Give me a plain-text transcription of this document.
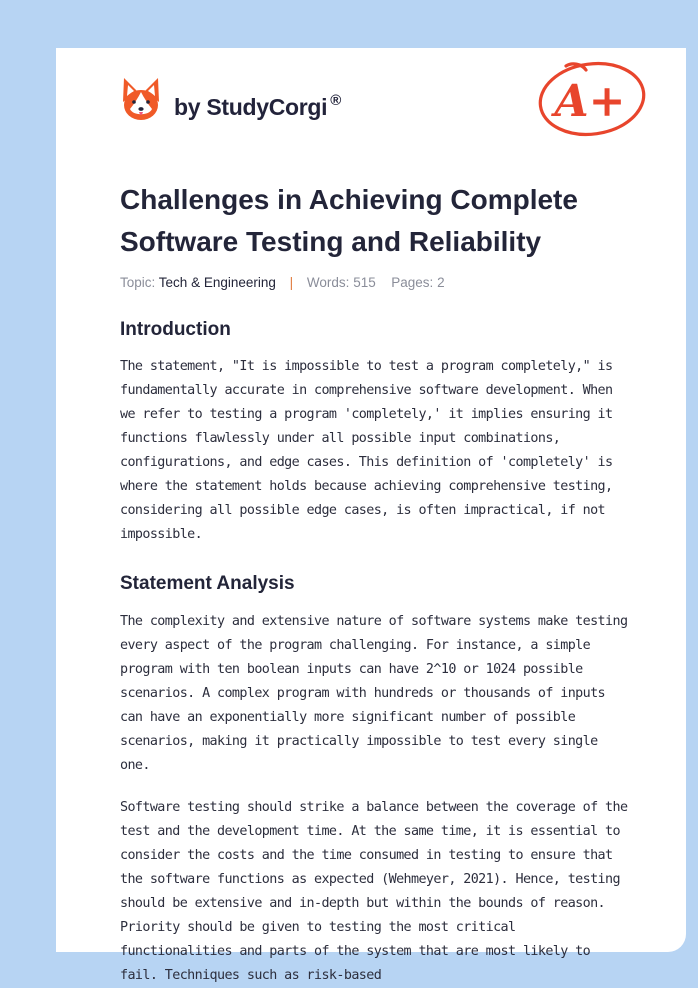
by StudyCorgi ®	A+
Challenges in Achieving Complete Software Testing and Reliability
Topic: Tech & Engineering | Words: 515 Pages: 2
Introduction

The statement, "It is impossible to test a program completely," is fundamentally accurate in comprehensive software development. When we refer to testing a program 'completely,' it implies ensuring it functions flawlessly under all possible input combinations, configurations, and edge cases. This definition of 'completely' is where the statement holds because achieving comprehensive testing, considering all possible edge cases, is often impractical, if not impossible.

Statement Analysis

The complexity and extensive nature of software systems make testing every aspect of the program challenging. For instance, a simple program with ten boolean inputs can have 2^10 or 1024 possible scenarios. A complex program with hundreds or thousands of inputs can have an exponentially more significant number of possible scenarios, making it practically impossible to test every single one.

Software testing should strike a balance between the coverage of the test and the development time. At the same time, it is essential to consider the costs and the time consumed in testing to ensure that the software functions as expected (Wehmeyer, 2021). Hence, testing should be extensive and in-depth but within the bounds of reason. Priority should be given to testing the most critical functionalities and parts of the system that are most likely to fail. Techniques such as risk-based
